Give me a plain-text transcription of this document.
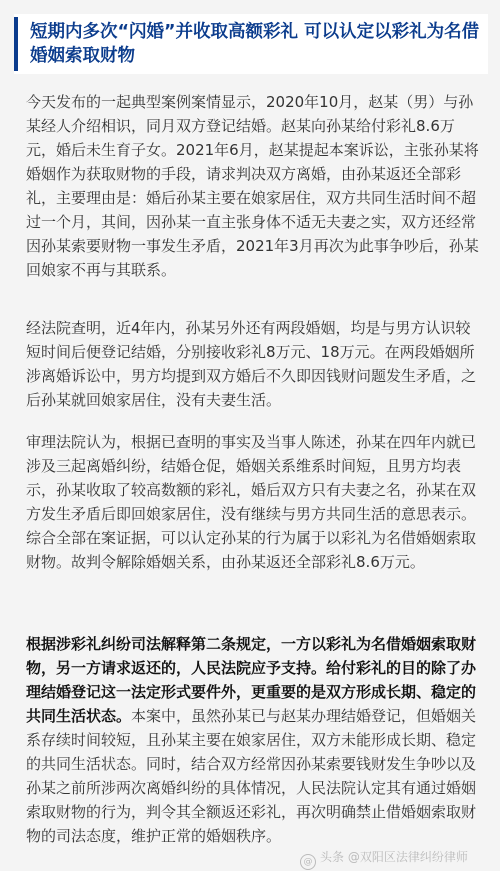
短期内多次“闪婚”并收取高额彩礼 可以认定以彩礼为名借婚姻索取财物
今天发布的一起典型案例案情显示，2020年10月，赵某（男）与孙某经人介绍相识，同月双方登记结婚。赵某向孙某给付彩礼8.6万元，婚后未生育子女。2021年6月，赵某提起本案诉讼，主张孙某将婚姻作为获取财物的手段，请求判决双方离婚，由孙某返还全部彩礼，主要理由是：婚后孙某主要在娘家居住，双方共同生活时间不超过一个月，其间，因孙某一直主张身体不适无夫妻之实，双方还经常因孙某索要财物一事发生矛盾，2021年3月再次为此事争吵后，孙某回娘家不再与其联系。
经法院查明，近4年内，孙某另外还有两段婚姻，均是与男方认识较短时间后便登记结婚，分别接收彩礼8万元、18万元。在两段婚姻所涉离婚诉讼中，男方均提到双方婚后不久即因钱财问题发生矛盾，之后孙某就回娘家居住，没有夫妻生活。
审理法院认为，根据已查明的事实及当事人陈述，孙某在四年内就已涉及三起离婚纠纷，结婚仓促，婚姻关系维系时间短，且男方均表示，孙某收取了较高数额的彩礼，婚后双方只有夫妻之名，孙某在双方发生矛盾后即回娘家居住，没有继续与男方共同生活的意思表示。综合全部在案证据，可以认定孙某的行为属于以彩礼为名借婚姻索取财物。故判令解除婚姻关系，由孙某返还全部彩礼8.6万元。
根据涉彩礼纠纷司法解释第二条规定，一方以彩礼为名借婚姻索取财物，另一方请求返还的，人民法院应予支持。给付彩礼的目的除了办理结婚登记这一法定形式要件外，更重要的是双方形成长期、稳定的共同生活状态。本案中，虽然孙某已与赵某办理结婚登记，但婚姻关系存续时间较短，且孙某主要在娘家居住，双方未能形成长期、稳定的共同生活状态。同时，结合双方经常因孙某索要钱财发生争吵以及孙某之前所涉两次离婚纠纷的具体情况，人民法院认定其有通过婚姻索取财物的行为，判令其全额返还彩礼，再次明确禁止借婚姻索取财物的司法态度，维护正常的婚姻秩序。
@ 头条 @双阳区法律纠纷律师
